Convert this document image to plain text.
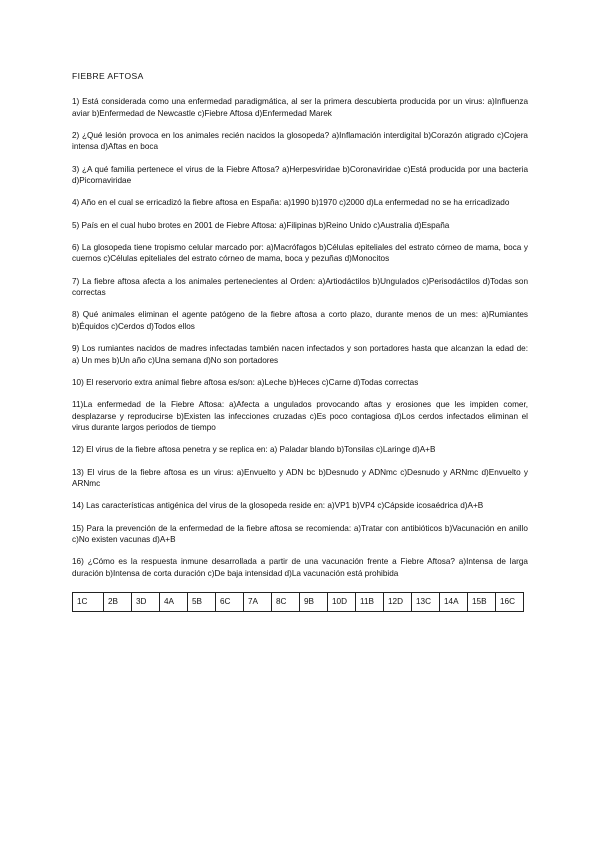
FIEBRE AFTOSA
1) Está considerada como una enfermedad paradigmática, al ser la primera descubierta producida por un virus: a)Influenza aviar b)Enfermedad de Newcastle c)Fiebre Aftosa d)Enfermedad Marek
2) ¿Qué lesión provoca en los animales recién nacidos la glosopeda? a)Inflamación interdigital b)Corazón atigrado c)Cojera intensa d)Aftas en boca
3) ¿A qué familia pertenece el virus de la Fiebre Aftosa? a)Herpesviridae b)Coronaviridae c)Está producida por una bacteria d)Picornaviridae
4) Año en el cual se erricadizó la fiebre aftosa en España: a)1990 b)1970 c)2000 d)La enfermedad no se ha erricadizado
5) País en el cual hubo brotes en 2001 de Fiebre Aftosa: a)Filipinas b)Reino Unido c)Australia d)España
6) La glosopeda tiene tropismo celular marcado por: a)Macrófagos b)Células epiteliales del estrato córneo de mama, boca y cuernos c)Células epiteliales del estrato córneo de mama, boca y pezuñas d)Monocitos
7) La fiebre aftosa afecta a los animales pertenecientes al Orden: a)Artiodáctilos b)Ungulados c)Perisodáctilos d)Todas son correctas
8) Qué animales eliminan el agente patógeno de la fiebre aftosa a corto plazo, durante menos de un mes: a)Rumiantes b)Équidos c)Cerdos d)Todos ellos
9) Los rumiantes nacidos de madres infectadas también nacen infectados y son portadores hasta que alcanzan la edad de: a) Un mes b)Un año c)Una semana d)No son portadores
10) El reservorio extra animal fiebre aftosa es/son: a)Leche b)Heces c)Carne d)Todas correctas
11)La enfermedad de la Fiebre Aftosa: a)Afecta a ungulados provocando aftas y erosiones que les impiden comer, desplazarse y reproducirse b)Existen las infecciones cruzadas c)Es poco contagiosa d)Los cerdos infectados eliminan el virus durante largos periodos de tiempo
12) El virus de la fiebre aftosa penetra y se replica en: a) Paladar blando b)Tonsilas c)Laringe d)A+B
13) El virus de la fiebre aftosa es un virus: a)Envuelto y ADN bc b)Desnudo y ADNmc c)Desnudo y ARNmc d)Envuelto y ARNmc
14) Las características antigénica del virus de la glosopeda reside en: a)VP1 b)VP4 c)Cápside icosaédrica d)A+B
15) Para la prevención de la enfermedad de la fiebre aftosa se recomienda: a)Tratar con antibióticos b)Vacunación en anillo c)No existen vacunas d)A+B
16) ¿Cómo es la respuesta inmune desarrollada a partir de una vacunación frente a Fiebre Aftosa? a)Intensa de larga duración b)Intensa de corta duración c)De baja intensidad d)La vacunación está prohibida
1C	2B	3D	4A	5B	6C	7A	8C	9B	10D	11B	12D	13C	14A	15B	16C
